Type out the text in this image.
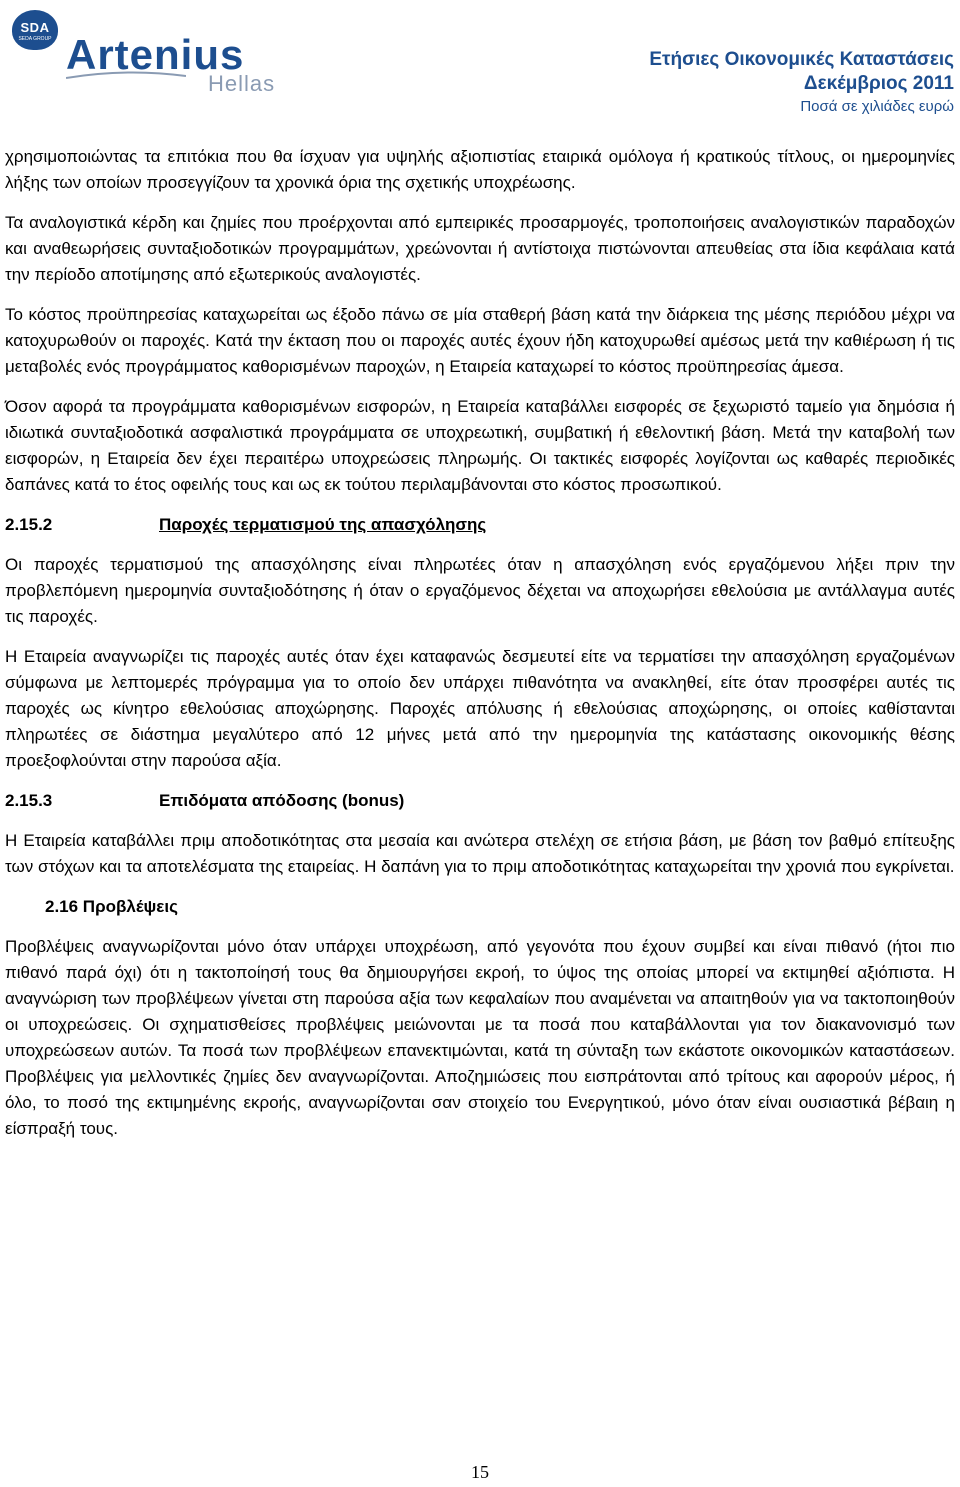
SDA
SEDA GROUP Artenius
Hellas
Ετήσιες Οικονομικές Καταστάσεις
Δεκέμβριος 2011
Ποσά σε χιλιάδες ευρώ

χρησιμοποιώντας τα επιτόκια που θα ίσχυαν για υψηλής αξιοπιστίας εταιρικά ομόλογα ή κρατικούς τίτλους, οι ημερομηνίες λήξης των οποίων προσεγγίζουν τα χρονικά όρια της σχετικής υποχρέωσης.

Τα αναλογιστικά κέρδη και ζημίες που προέρχονται από εμπειρικές προσαρμογές, τροποποιήσεις αναλογιστικών παραδοχών και αναθεωρήσεις συνταξιοδοτικών προγραμμάτων, χρεώνονται ή αντίστοιχα πιστώνονται απευθείας στα ίδια κεφάλαια κατά την περίοδο αποτίμησης από εξωτερικούς αναλογιστές.

Το κόστος προϋπηρεσίας καταχωρείται ως έξοδο πάνω σε μία σταθερή βάση κατά την διάρκεια της μέσης περιόδου μέχρι να κατοχυρωθούν οι παροχές. Κατά την έκταση που οι παροχές αυτές έχουν ήδη κατοχυρωθεί αμέσως μετά την καθιέρωση ή τις μεταβολές ενός προγράμματος καθορισμένων παροχών, η Εταιρεία καταχωρεί το κόστος προϋπηρεσίας άμεσα.

Όσον αφορά τα προγράμματα καθορισμένων εισφορών, η Εταιρεία καταβάλλει εισφορές σε ξεχωριστό ταμείο για δημόσια ή ιδιωτικά συνταξιοδοτικά ασφαλιστικά προγράμματα σε υποχρεωτική, συμβατική ή εθελοντική βάση. Μετά την καταβολή των εισφορών, η Εταιρεία δεν έχει περαιτέρω υποχρεώσεις πληρωμής. Οι τακτικές εισφορές λογίζονται ως καθαρές περιοδικές δαπάνες κατά το έτος οφειλής τους και ως εκ τούτου περιλαμβάνονται στο κόστος προσωπικού.

2.15.2	Παροχές τερματισμού της απασχόλησης

Οι παροχές τερματισμού της απασχόλησης είναι πληρωτέες όταν η απασχόληση ενός εργαζόμενου λήξει πριν την προβλεπόμενη ημερομηνία συνταξιοδότησης ή όταν ο εργαζόμενος δέχεται να αποχωρήσει εθελούσια με αντάλλαγμα αυτές τις παροχές.

Η Εταιρεία αναγνωρίζει τις παροχές αυτές όταν έχει καταφανώς δεσμευτεί είτε να τερματίσει την απασχόληση εργαζομένων σύμφωνα με λεπτομερές πρόγραμμα για το οποίο δεν υπάρχει πιθανότητα να ανακληθεί, είτε όταν προσφέρει αυτές τις παροχές ως κίνητρο εθελούσιας αποχώρησης. Παροχές απόλυσης ή εθελούσιας αποχώρησης, οι οποίες καθίστανται πληρωτέες σε διάστημα μεγαλύτερο από 12 μήνες μετά από την ημερομηνία της κατάστασης οικονομικής θέσης προεξοφλούνται στην παρούσα αξία.

2.15.3	Επιδόματα απόδοσης (bonus)

Η Εταιρεία καταβάλλει πριμ αποδοτικότητας στα μεσαία και ανώτερα στελέχη σε ετήσια βάση, με βάση τον βαθμό επίτευξης των στόχων και τα αποτελέσματα της εταιρείας. Η δαπάνη για το πριμ αποδοτικότητας καταχωρείται την χρονιά που εγκρίνεται.

2.16 Προβλέψεις

Προβλέψεις αναγνωρίζονται μόνο όταν υπάρχει υποχρέωση, από γεγονότα που έχουν συμβεί και είναι πιθανό (ήτοι πιο πιθανό παρά όχι) ότι η τακτοποίησή τους θα δημιουργήσει εκροή, το ύψος της οποίας μπορεί να εκτιμηθεί αξιόπιστα. Η αναγνώριση των προβλέψεων γίνεται στη παρούσα αξία των κεφαλαίων που αναμένεται να απαιτηθούν για να τακτοποιηθούν οι υποχρεώσεις. Οι σχηματισθείσες προβλέψεις μειώνονται με τα ποσά που καταβάλλονται για τον διακανονισμό των υποχρεώσεων αυτών. Τα ποσά των προβλέψεων επανεκτιμώνται, κατά τη σύνταξη των εκάστοτε οικονομικών καταστάσεων. Προβλέψεις για μελλοντικές ζημίες δεν αναγνωρίζονται. Αποζημιώσεις που εισπράτονται από τρίτους και αφορούν μέρος, ή όλο, το ποσό της εκτιμημένης εκροής, αναγνωρίζονται σαν στοιχείο του Ενεργητικού, μόνο όταν είναι ουσιαστικά βέβαιη η είσπραξή τους.

15
